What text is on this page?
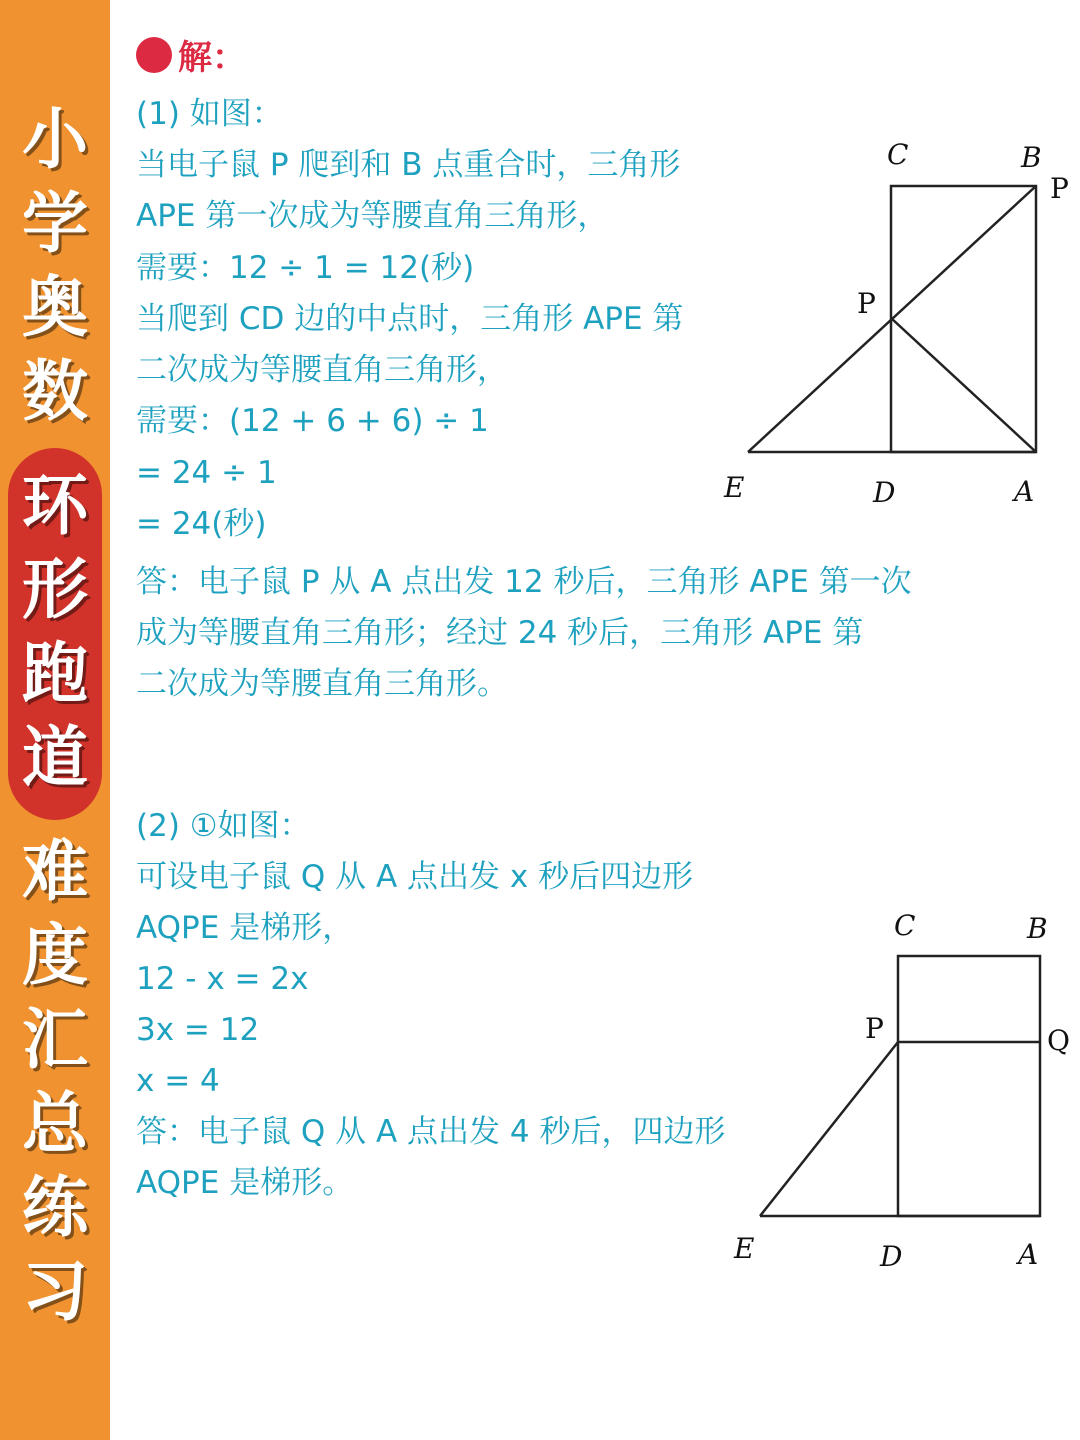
小
学
奥
数
环
形
跑
道
难
度
汇
总
练
习
解：
(1) 如图：
当电子鼠 P 爬到和 B 点重合时，三角形
APE 第一次成为等腰直角三角形，
需要：12 ÷ 1 = 12(秒)
当爬到 CD 边的中点时，三角形 APE 第
二次成为等腰直角三角形，
需要：(12 + 6 + 6) ÷ 1
= 24 ÷ 1
= 24(秒)
答：电子鼠 P 从 A 点出发 12 秒后，三角形 APE 第一次
成为等腰直角三角形；经过 24 秒后，三角形 APE 第
二次成为等腰直角三角形。
(2) ①如图：
可设电子鼠 Q 从 A 点出发 x 秒后四边形
AQPE 是梯形，
12 - x = 2x
3x = 12
x = 4
答：电子鼠 Q 从 A 点出发 4 秒后，四边形
AQPE 是梯形。
C	B
P
P
E	D	A
C	B
P	Q
E	D	A
